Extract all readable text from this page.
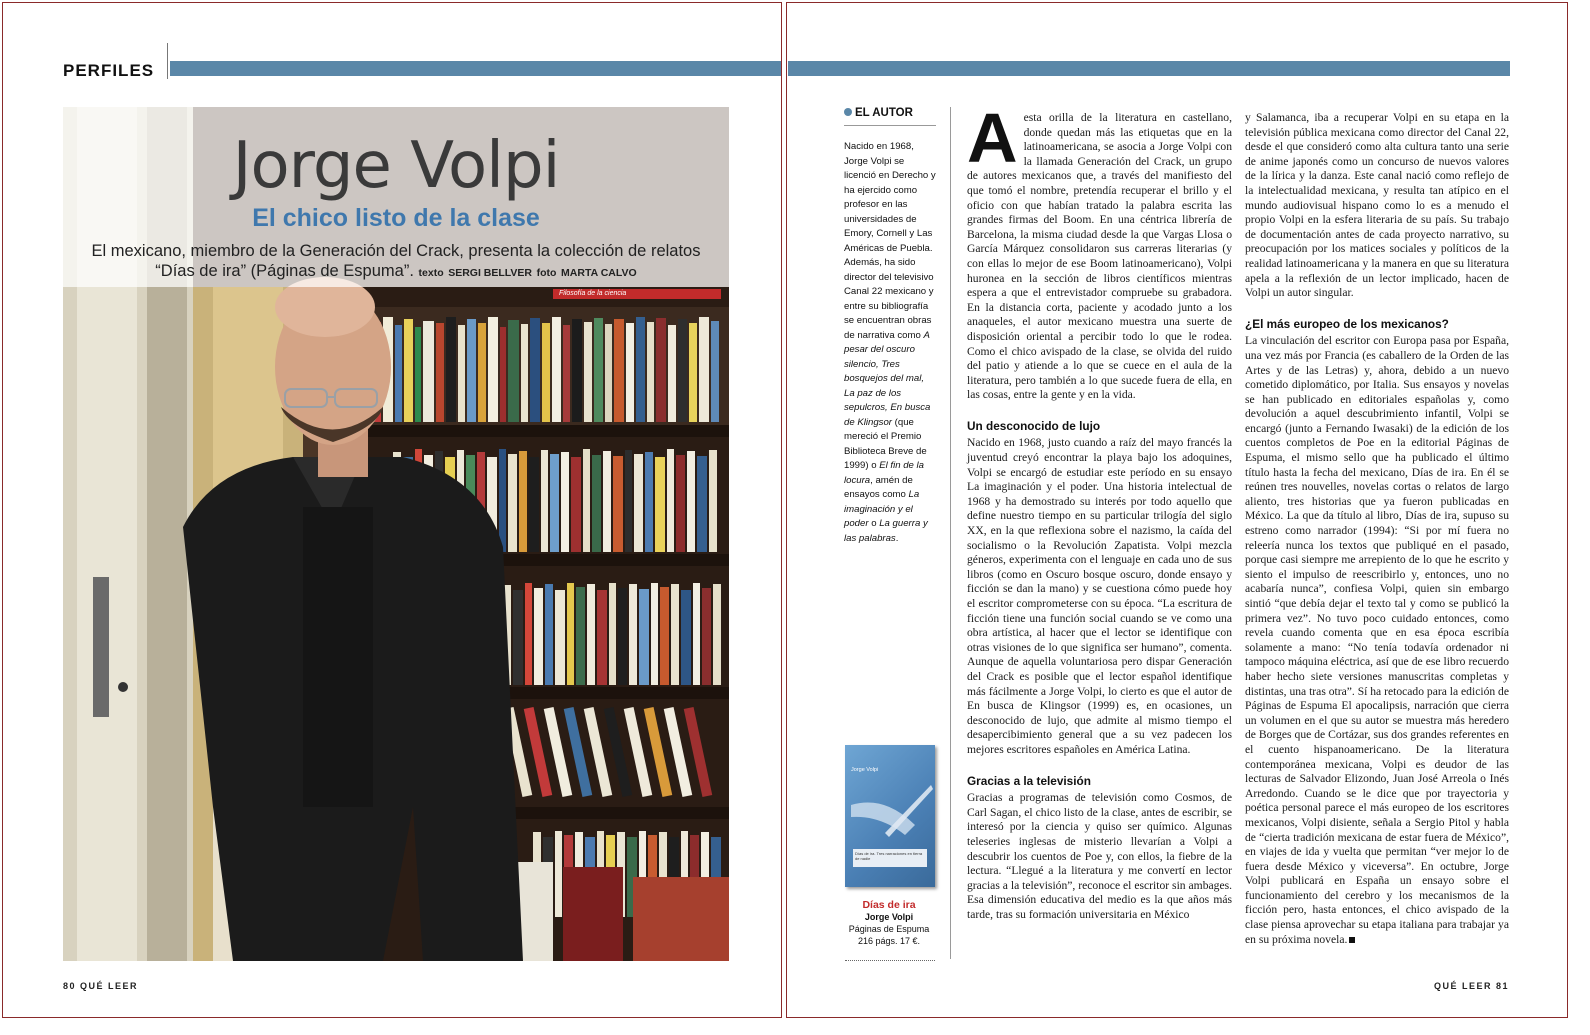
PERFILES
Jorge Volpi
El chico listo de la clase
El mexicano, miembro de la Generación del Crack, presenta la colección de relatos “Días de ira” (Páginas de Espuma”. texto SERGI BELLVER foto MARTA CALVO
Filosofía de la ciencia
80 QUÉ LEER
EL AUTOR
Nacido en 1968, Jorge Volpi se licenció en Derecho y ha ejercido como profesor en las universidades de Emory, Cornell y Las Américas de Puebla. Además, ha sido director del televisivo Canal 22 mexicano y entre su bibliografía se encuentran obras de narrativa como A pesar del oscuro silencio, Tres bosquejos del mal, La paz de los sepulcros, En busca de Klingsor (que mereció el Premio Biblioteca Breve de 1999) o El fin de la locura, amén de ensayos como La imaginación y el poder o La guerra y las palabras.
Jorge Volpi
Días de ira. Tres narraciones en tierra de nadie
Días de ira
Jorge Volpi
Páginas de Espuma
216 págs. 17 €.

Aesta orilla de la literatura en castellano, donde quedan más las etiquetas que en la latinoamericana, se asocia a Jorge Volpi con la llamada Generación del Crack, un grupo de autores mexicanos que, a través del manifiesto del que tomó el nombre, pretendía recuperar el brillo y el oficio con que habían tratado la palabra escrita las grandes firmas del Boom. En una céntrica librería de Barcelona, la misma ciudad desde la que Vargas Llosa o García Márquez consolidaron sus carreras literarias (y con ellas lo mejor de ese Boom latinoamericano), Volpi huronea en la sección de libros científicos mientras espera a que el entrevistador compruebe su grabadora. En la distancia corta, paciente y acodado junto a los anaqueles, el autor mexicano muestra una suerte de disposición oriental a percibir todo lo que le rodea. Como el chico avispado de la clase, se olvida del ruido del patio y atiende a lo que se cuece en el aula de la literatura, pero también a lo que sucede fuera de ella, en las cosas, entre la gente y en la vida.

Un desconocido de lujo

Nacido en 1968, justo cuando a raíz del mayo francés la juventud creyó encontrar la playa bajo los adoquines, Volpi se encargó de estudiar este período en su ensayo La imaginación y el poder. Una historia intelectual de 1968 y ha demostrado su interés por todo aquello que define nuestro tiempo en su particular trilogía del siglo XX, en la que reflexiona sobre el nazismo, la caída del socialismo o la Revolución Zapatista. Volpi mezcla géneros, experimenta con el lenguaje en cada uno de sus libros (como en Oscuro bosque oscuro, donde ensayo y ficción se dan la mano) y se cuestiona cómo puede hoy el escritor comprometerse con su época. “La escritura de ficción tiene una función social cuando se ve como una obra artística, al hacer que el lector se identifique con otras visiones de lo que significa ser humano”, comenta. Aunque de aquella voluntariosa pero dispar Generación del Crack es posible que el lector español identifique más fácilmente a Jorge Volpi, lo cierto es que el autor de En busca de Klingsor (1999) es, en ocasiones, un desconocido de lujo, que admite al mismo tiempo el desapercibimiento general que a su vez padecen los mejores escritores españoles en América Latina.

Gracias a la televisión

Gracias a programas de televisión como Cosmos, de Carl Sagan, el chico listo de la clase, antes de escribir, se interesó por la ciencia y quiso ser químico. Algunas teleseries inglesas de misterio llevarían a Volpi a descubrir los cuentos de Poe y, con ellos, la fiebre de la lectura. “Llegué a la literatura y me convertí en lector gracias a la televisión”, reconoce el escritor sin ambages. Esa dimensión educativa del medio es la que años más tarde, tras su formación universitaria en México

y Salamanca, iba a recuperar Volpi en su etapa en la televisión pública mexicana como director del Canal 22, desde el que consideró como alta cultura tanto una serie de anime japonés como un concurso de nuevos valores de la lírica y la danza. Este canal nació como reflejo de la intelectualidad mexicana, y resulta tan atípico en el mundo audiovisual hispano como lo es a menudo el propio Volpi en la esfera literaria de su país. Su trabajo de documentación antes de cada proyecto narrativo, su preocupación por los matices sociales y políticos de la realidad latinoamericana y la manera en que su literatura apela a la reflexión de un lector implicado, hacen de Volpi un autor singular.

¿El más europeo de los mexicanos?

La vinculación del escritor con Europa pasa por España, una vez más por Francia (es caballero de la Orden de las Artes y de las Letras) y, ahora, debido a un nuevo cometido diplomático, por Italia. Sus ensayos y novelas se han publicado en editoriales españolas y, como devolución a aquel descubrimiento infantil, Volpi se encargó (junto a Fernando Iwasaki) de la edición de los cuentos completos de Poe en la editorial Páginas de Espuma, el mismo sello que ha publicado el último título hasta la fecha del mexicano, Días de ira. En él se reúnen tres nouvelles, novelas cortas o relatos de largo aliento, tres historias que ya fueron publicadas en México. La que da título al libro, Días de ira, supuso su estreno como narrador (1994): “Si por mí fuera no releería nunca los textos que publiqué en el pasado, porque casi siempre me arrepiento de lo que he escrito y siento el impulso de reescribirlo y, entonces, uno no acabaría nunca”, confiesa Volpi, quien sin embargo sintió “que debía dejar el texto tal y como se publicó la primera vez”. No tuvo poco cuidado entonces, como revela cuando comenta que en esa época escribía solamente a mano: “No tenía todavía ordenador ni tampoco máquina eléctrica, así que de ese libro recuerdo haber hecho siete versiones manuscritas completas y distintas, una tras otra”. Sí ha retocado para la edición de Páginas de Espuma El apocalipsis, narración que cierra un volumen en el que su autor se muestra más heredero de Borges que de Cortázar, sus dos grandes referentes en el cuento hispanoamericano. De la literatura contemporánea mexicana, Volpi es deudor de las lecturas de Salvador Elizondo, Juan José Arreola o Inés Arredondo. Cuando se le dice que por trayectoria y poética personal parece el más europeo de los escritores mexicanos, Volpi disiente, señala a Sergio Pitol y habla de “cierta tradición mexicana de estar fuera de México”, en viajes de ida y vuelta que permitan “ver mejor lo de fuera desde México y viceversa”. En octubre, Jorge Volpi publicará en España un ensayo sobre el funcionamiento del cerebro y los mecanismos de la ficción pero, hasta entonces, el chico avispado de la clase piensa aprovechar su etapa italiana para trabajar ya en su próxima novela.

QUÉ LEER 81
